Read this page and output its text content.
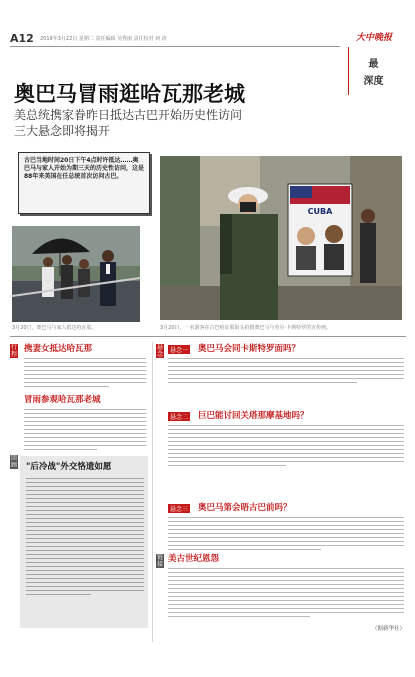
A12 2016年3月22日 星期二 责任编辑 吴秀丽 责任校对 何 涛	大中晚报
最
深度
奥巴马冒雨逛哈瓦那老城
美总统携家眷昨日抵达古巴开始历史性访问
三大悬念即将揭开
古巴当地时间20日下午4点时许抵达……奥巴马与家人开始为期三天的历史性访问，这是88年来美国在任总统首次访问古巴。
3月20日，奥巴马与家人抵达哈瓦那。
CUBA
3月20日，一名游客在古巴哈瓦那街头拍摄奥巴马与劳尔·卡斯特罗的宣传画。
行程
携妻女抵达哈瓦那
冒雨参观哈瓦那老城
回顾 "后冷战"外交恪遗如愿
悬念
悬念一 奥巴马会同卡斯特罗面吗？
悬念二 巨巴能讨回关塔那摩基地吗？
悬念三 奥巴马第会晤古巴前吗？
链接
美古世纪恩怨
（据新华社）
